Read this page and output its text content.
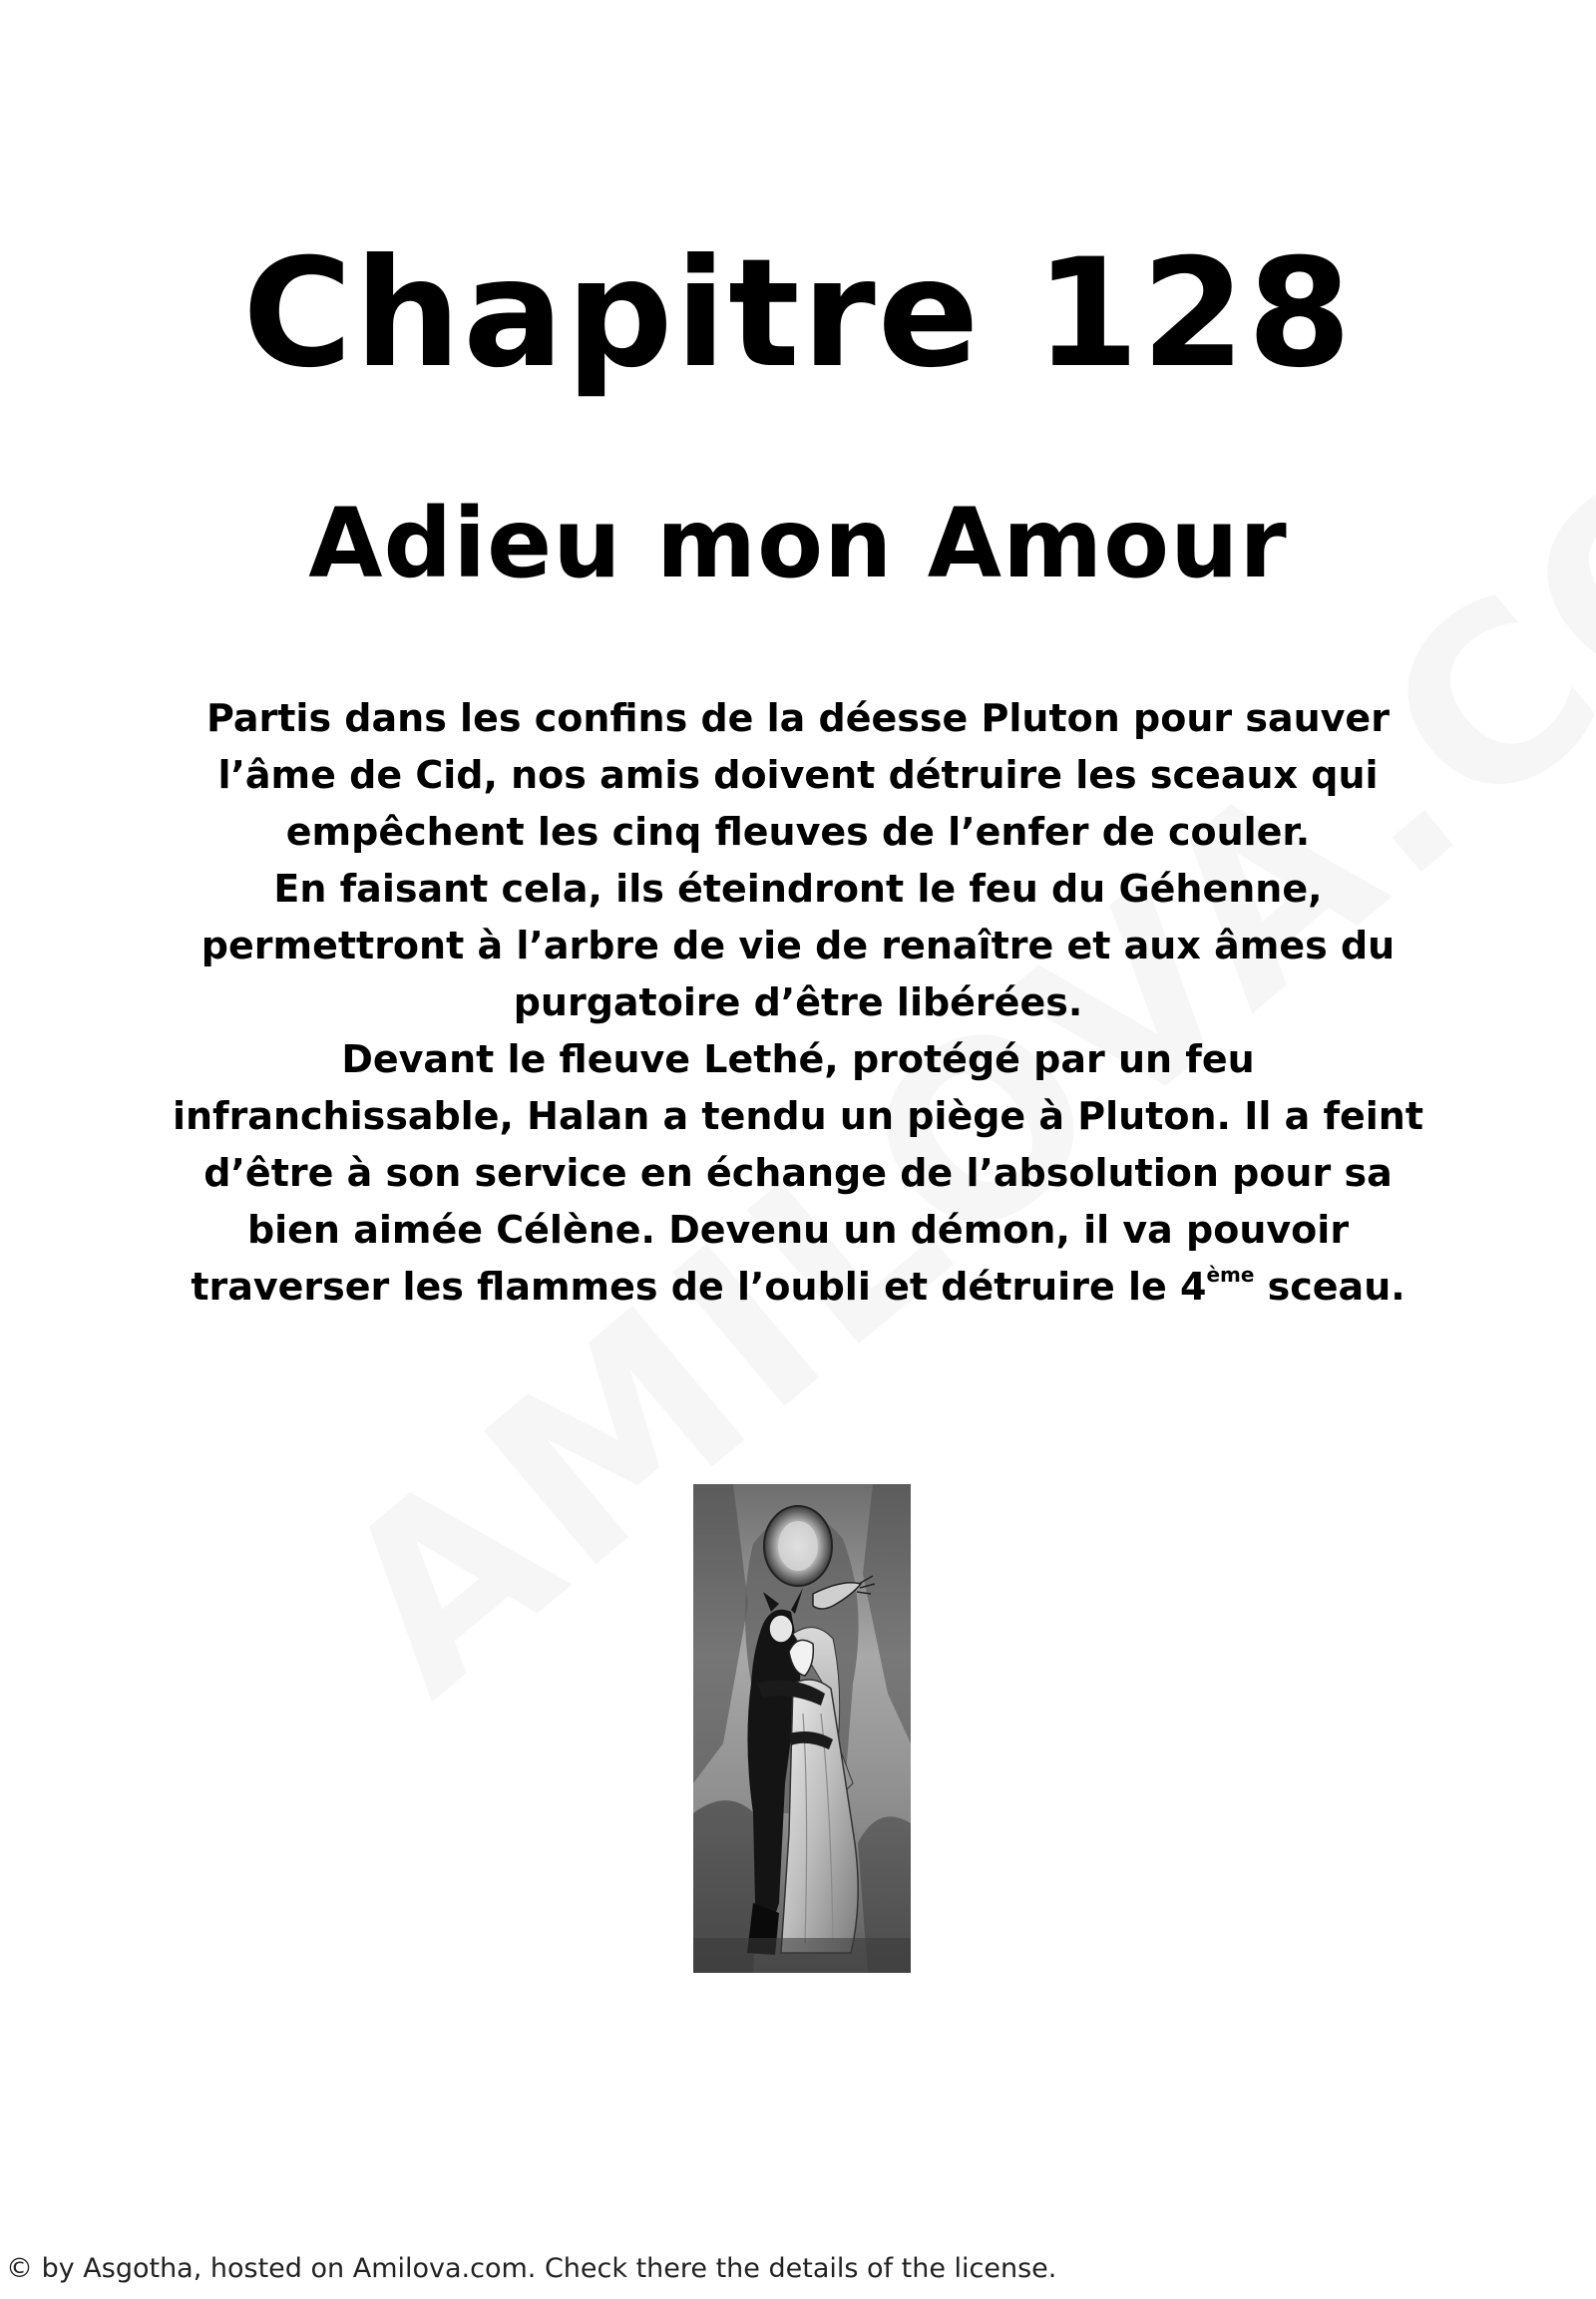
Chapitre 128
Adieu mon Amour

Partis dans les confins de la déesse Pluton pour sauver l’âme de Cid, nos amis doivent détruire les sceaux qui empêchent les cinq fleuves de l’enfer de couler.

En faisant cela, ils éteindront le feu du Géhenne, permettront à l’arbre de vie de renaître et aux âmes du purgatoire d’être libérées.

Devant le fleuve Lethé, protégé par un feu infranchissable, Halan a tendu un piège à Pluton. Il a feint d’être à son service en échange de l’absolution pour sa bien aimée Célène. Devenu un démon, il va pouvoir traverser les flammes de l’oubli et détruire le 4ème sceau.

© by Asgotha, hosted on Amilova.com. Check there the details of the license.
